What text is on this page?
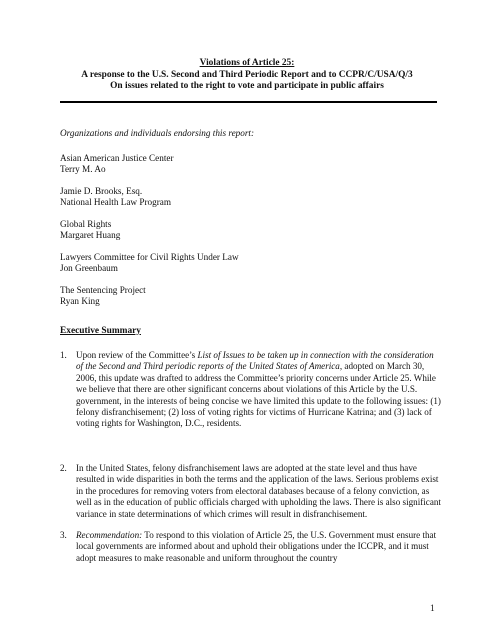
Violations of Article 25:
A response to the U.S. Second and Third Periodic Report and to CCPR/C/USA/Q/3
On issues related to the right to vote and participate in public affairs
Organizations and individuals endorsing this report:
Asian American Justice Center
Terry M. Ao
Jamie D. Brooks, Esq.
National Health Law Program
Global Rights
Margaret Huang
Lawyers Committee for Civil Rights Under Law
Jon Greenbaum
The Sentencing Project
Ryan King
Executive Summary
1.	Upon review of the Committee’s List of Issues to be taken up in connection with the consideration of the Second and Third periodic reports of the United States of America, adopted on March 30, 2006, this update was drafted to address the Committee’s priority concerns under Article 25. While we believe that there are other significant concerns about violations of this Article by the U.S. government, in the interests of being concise we have limited this update to the following issues: (1) felony disfranchisement; (2) loss of voting rights for victims of Hurricane Katrina; and (3) lack of voting rights for Washington, D.C., residents.
2.	In the United States, felony disfranchisement laws are adopted at the state level and thus have resulted in wide disparities in both the terms and the application of the laws. Serious problems exist in the procedures for removing voters from electoral databases because of a felony conviction, as well as in the education of public officials charged with upholding the laws. There is also significant variance in state determinations of which crimes will result in disfranchisement.
3.	Recommendation: To respond to this violation of Article 25, the U.S. Government must ensure that local governments are informed about and uphold their obligations under the ICCPR, and it must adopt measures to make reasonable and uniform throughout the country
1
